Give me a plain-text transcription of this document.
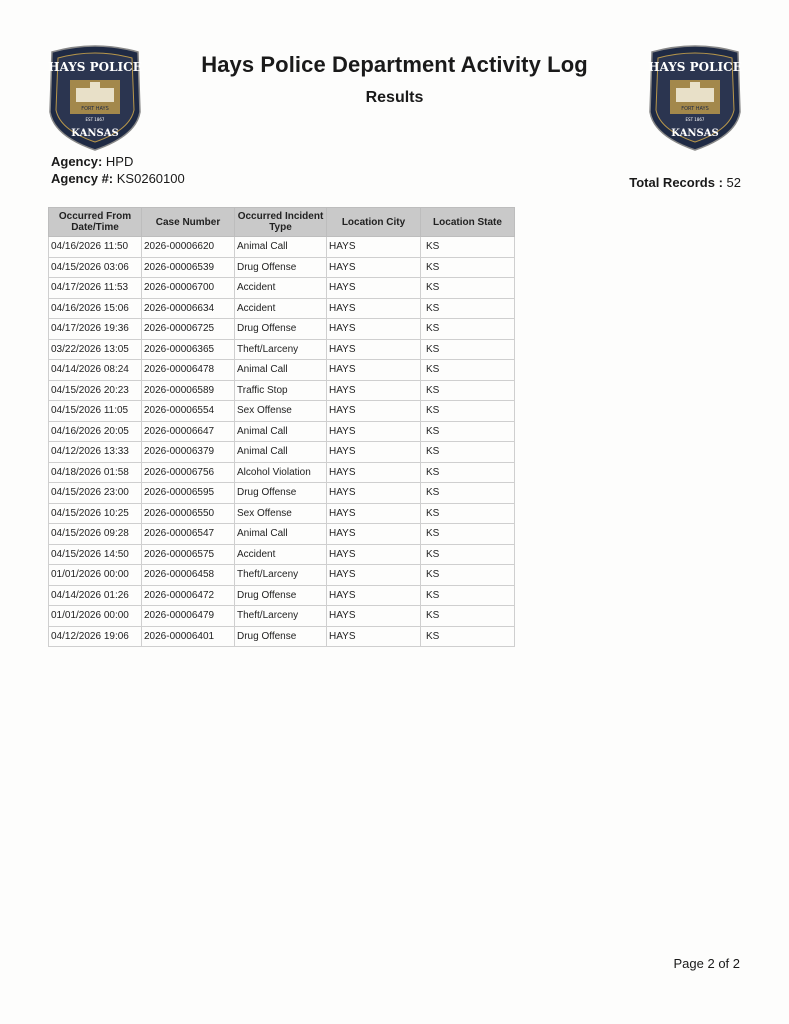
HAYS POLICE
FORT HAYS
EST 1867
KANSAS
HAYS POLICE
FORT HAYS
EST 1867
KANSAS
Hays Police Department Activity Log
Results
Agency: HPD
Agency #: KS0260100	Total Records : 52
Occurred From Date/Time	Case Number	Occurred Incident Type	Location City	Location State
04/16/2026 11:50	2026-00006620	Animal Call	HAYS	KS
04/15/2026 03:06	2026-00006539	Drug Offense	HAYS	KS
04/17/2026 11:53	2026-00006700	Accident	HAYS	KS
04/16/2026 15:06	2026-00006634	Accident	HAYS	KS
04/17/2026 19:36	2026-00006725	Drug Offense	HAYS	KS
03/22/2026 13:05	2026-00006365	Theft/Larceny	HAYS	KS
04/14/2026 08:24	2026-00006478	Animal Call	HAYS	KS
04/15/2026 20:23	2026-00006589	Traffic Stop	HAYS	KS
04/15/2026 11:05	2026-00006554	Sex Offense	HAYS	KS
04/16/2026 20:05	2026-00006647	Animal Call	HAYS	KS
04/12/2026 13:33	2026-00006379	Animal Call	HAYS	KS
04/18/2026 01:58	2026-00006756	Alcohol Violation	HAYS	KS
04/15/2026 23:00	2026-00006595	Drug Offense	HAYS	KS
04/15/2026 10:25	2026-00006550	Sex Offense	HAYS	KS
04/15/2026 09:28	2026-00006547	Animal Call	HAYS	KS
04/15/2026 14:50	2026-00006575	Accident	HAYS	KS
01/01/2026 00:00	2026-00006458	Theft/Larceny	HAYS	KS
04/14/2026 01:26	2026-00006472	Drug Offense	HAYS	KS
01/01/2026 00:00	2026-00006479	Theft/Larceny	HAYS	KS
04/12/2026 19:06	2026-00006401	Drug Offense	HAYS	KS
Page 2 of 2
